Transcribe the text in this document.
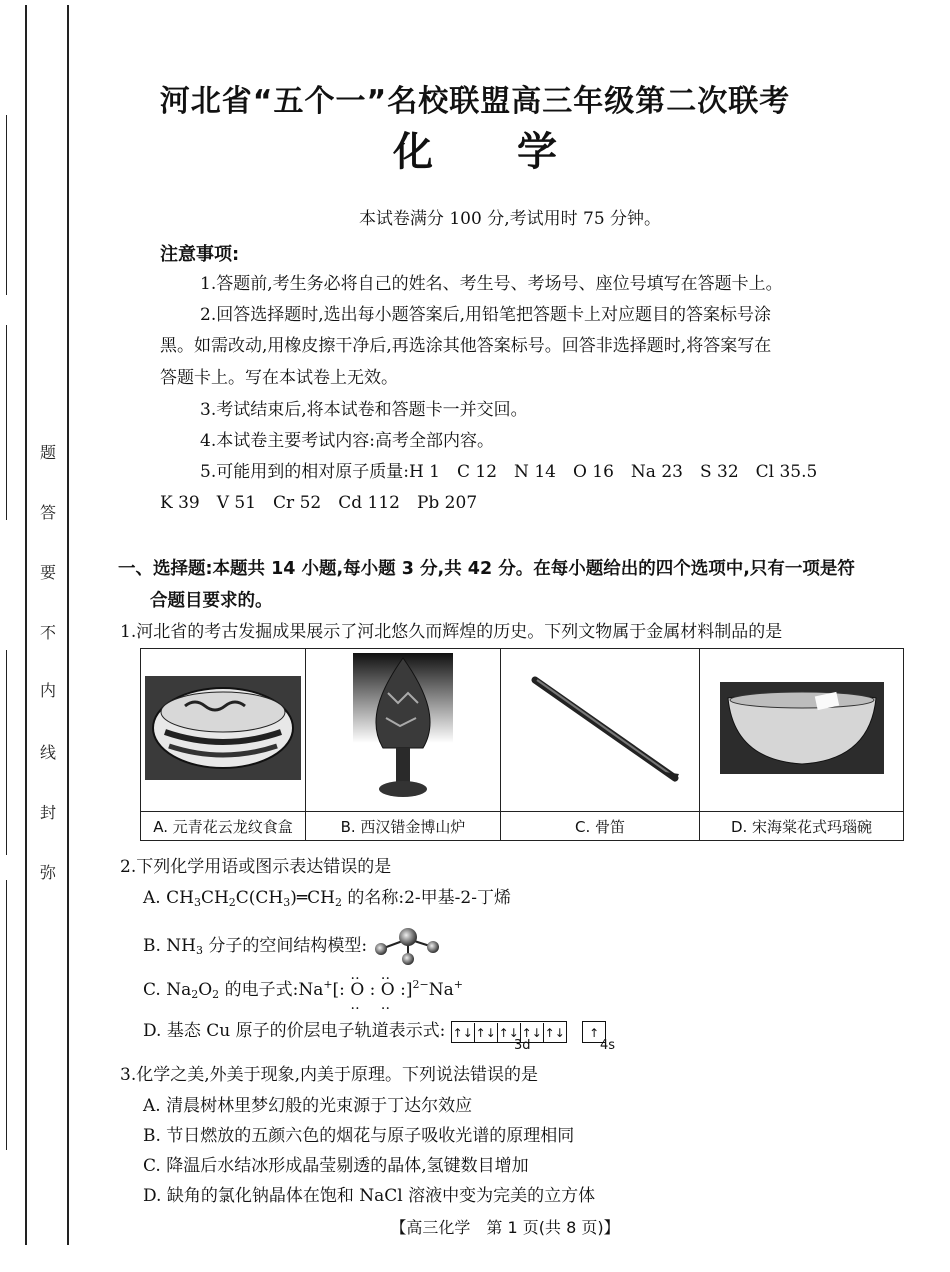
题
答
要
不
内
线
封
弥
河北省“五个一”名校联盟高三年级第二次联考
化 学
本试卷满分 100 分,考试用时 75 分钟。
注意事项:
1.答题前,考生务必将自己的姓名、考生号、考场号、座位号填写在答题卡上。
2.回答选择题时,选出每小题答案后,用铅笔把答题卡上对应题目的答案标号涂
黑。如需改动,用橡皮擦干净后,再选涂其他答案标号。回答非选择题时,将答案写在
答题卡上。写在本试卷上无效。
3.考试结束后,将本试卷和答题卡一并交回。
4.本试卷主要考试内容:高考全部内容。
5.可能用到的相对原子质量:H 1　C 12　N 14　O 16　Na 23　S 32　Cl 35.5
K 39　V 51　Cr 52　Cd 112　Pb 207
一、选择题:本题共 14 小题,每小题 3 分,共 42 分。在每小题给出的四个选项中,只有一项是符
合题目要求的。
1.河北省的考古发掘成果展示了河北悠久而辉煌的历史。下列文物属于金属材料制品的是

A. 元青花云龙纹食盒	B. 西汉错金博山炉	C. 骨笛	D. 宋海棠花式玛瑙碗
2.下列化学用语或图示表达错误的是
A. $CH_3CH_2C(CH_3)═CH_2$ 的名称:2-甲基-2-丁烯
B. $NH_3$ 分子的空间结构模型:
C. $Na_2O_2$ 的电子式:Na+[: ‥ O ‥ : ‥ O ‥ :]$^{2-}$Na+
D. 基态 Cu 原子的价层电子轨道表示式: ↑↓ ↑↓ ↑↓ ↑↓ ↑↓ ↑
3d	4s
3.化学之美,外美于现象,内美于原理。下列说法错误的是
A. 清晨树林里梦幻般的光束源于丁达尔效应
B. 节日燃放的五颜六色的烟花与原子吸收光谱的原理相同
C. 降温后水结冰形成晶莹剔透的晶体,氢键数目增加
D. 缺角的氯化钠晶体在饱和 NaCl 溶液中变为完美的立方体
【高三化学　第 1 页(共 8 页)】
